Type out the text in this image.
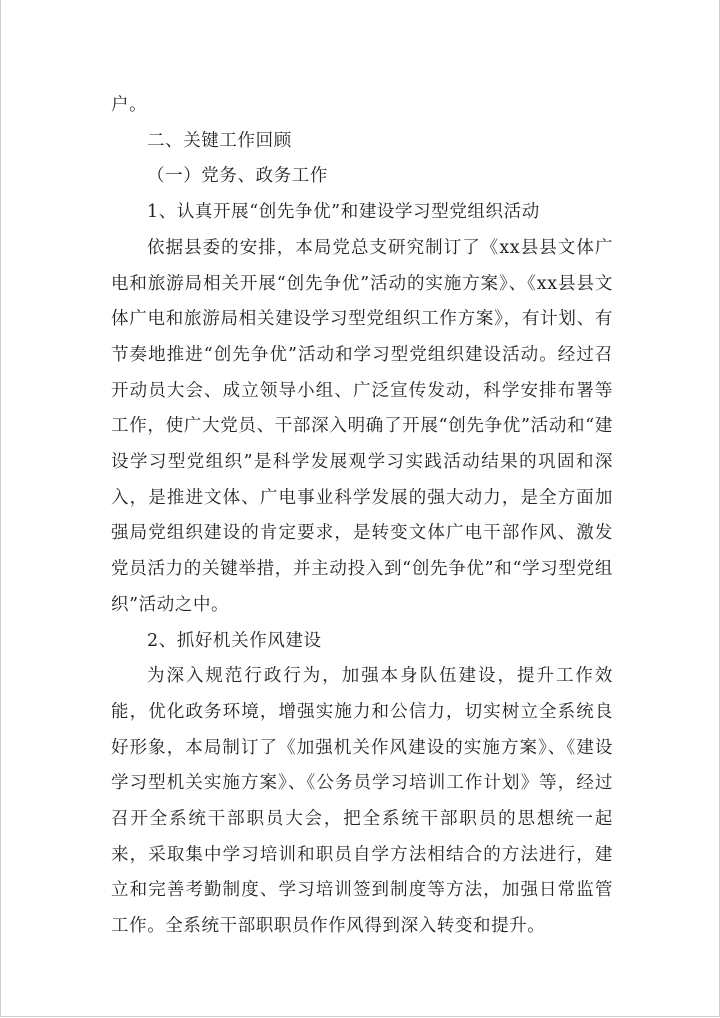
户。

二、关键工作回顾

（一）党务、政务工作

1、认真开展“创先争优”和建设学习型党组织活动

依据县委的安排，本局党总支研究制订了《xx县县文体广电和旅游局相关开展“创先争优”活动的实施方案》、《xx县县文体广电和旅游局相关建设学习型党组织工作方案》，有计划、有节奏地推进“创先争优”活动和学习型党组织建设活动。经过召开动员大会、成立领导小组、广泛宣传发动，科学安排布署等工作，使广大党员、干部深入明确了开展“创先争优”活动和“建设学习型党组织”是科学发展观学习实践活动结果的巩固和深入，是推进文体、广电事业科学发展的强大动力，是全方面加强局党组织建设的肯定要求，是转变文体广电干部作风、激发党员活力的关键举措，并主动投入到“创先争优”和“学习型党组织”活动之中。

2、抓好机关作风建设

为深入规范行政行为，加强本身队伍建设，提升工作效能，优化政务环境，增强实施力和公信力，切实树立全系统良好形象，本局制订了《加强机关作风建设的实施方案》、《建设学习型机关实施方案》、《公务员学习培训工作计划》等，经过召开全系统干部职员大会，把全系统干部职员的思想统一起来，采取集中学习培训和职员自学方法相结合的方法进行，建立和完善考勤制度、学习培训签到制度等方法，加强日常监管工作。全系统干部职职员作作风得到深入转变和提升。
